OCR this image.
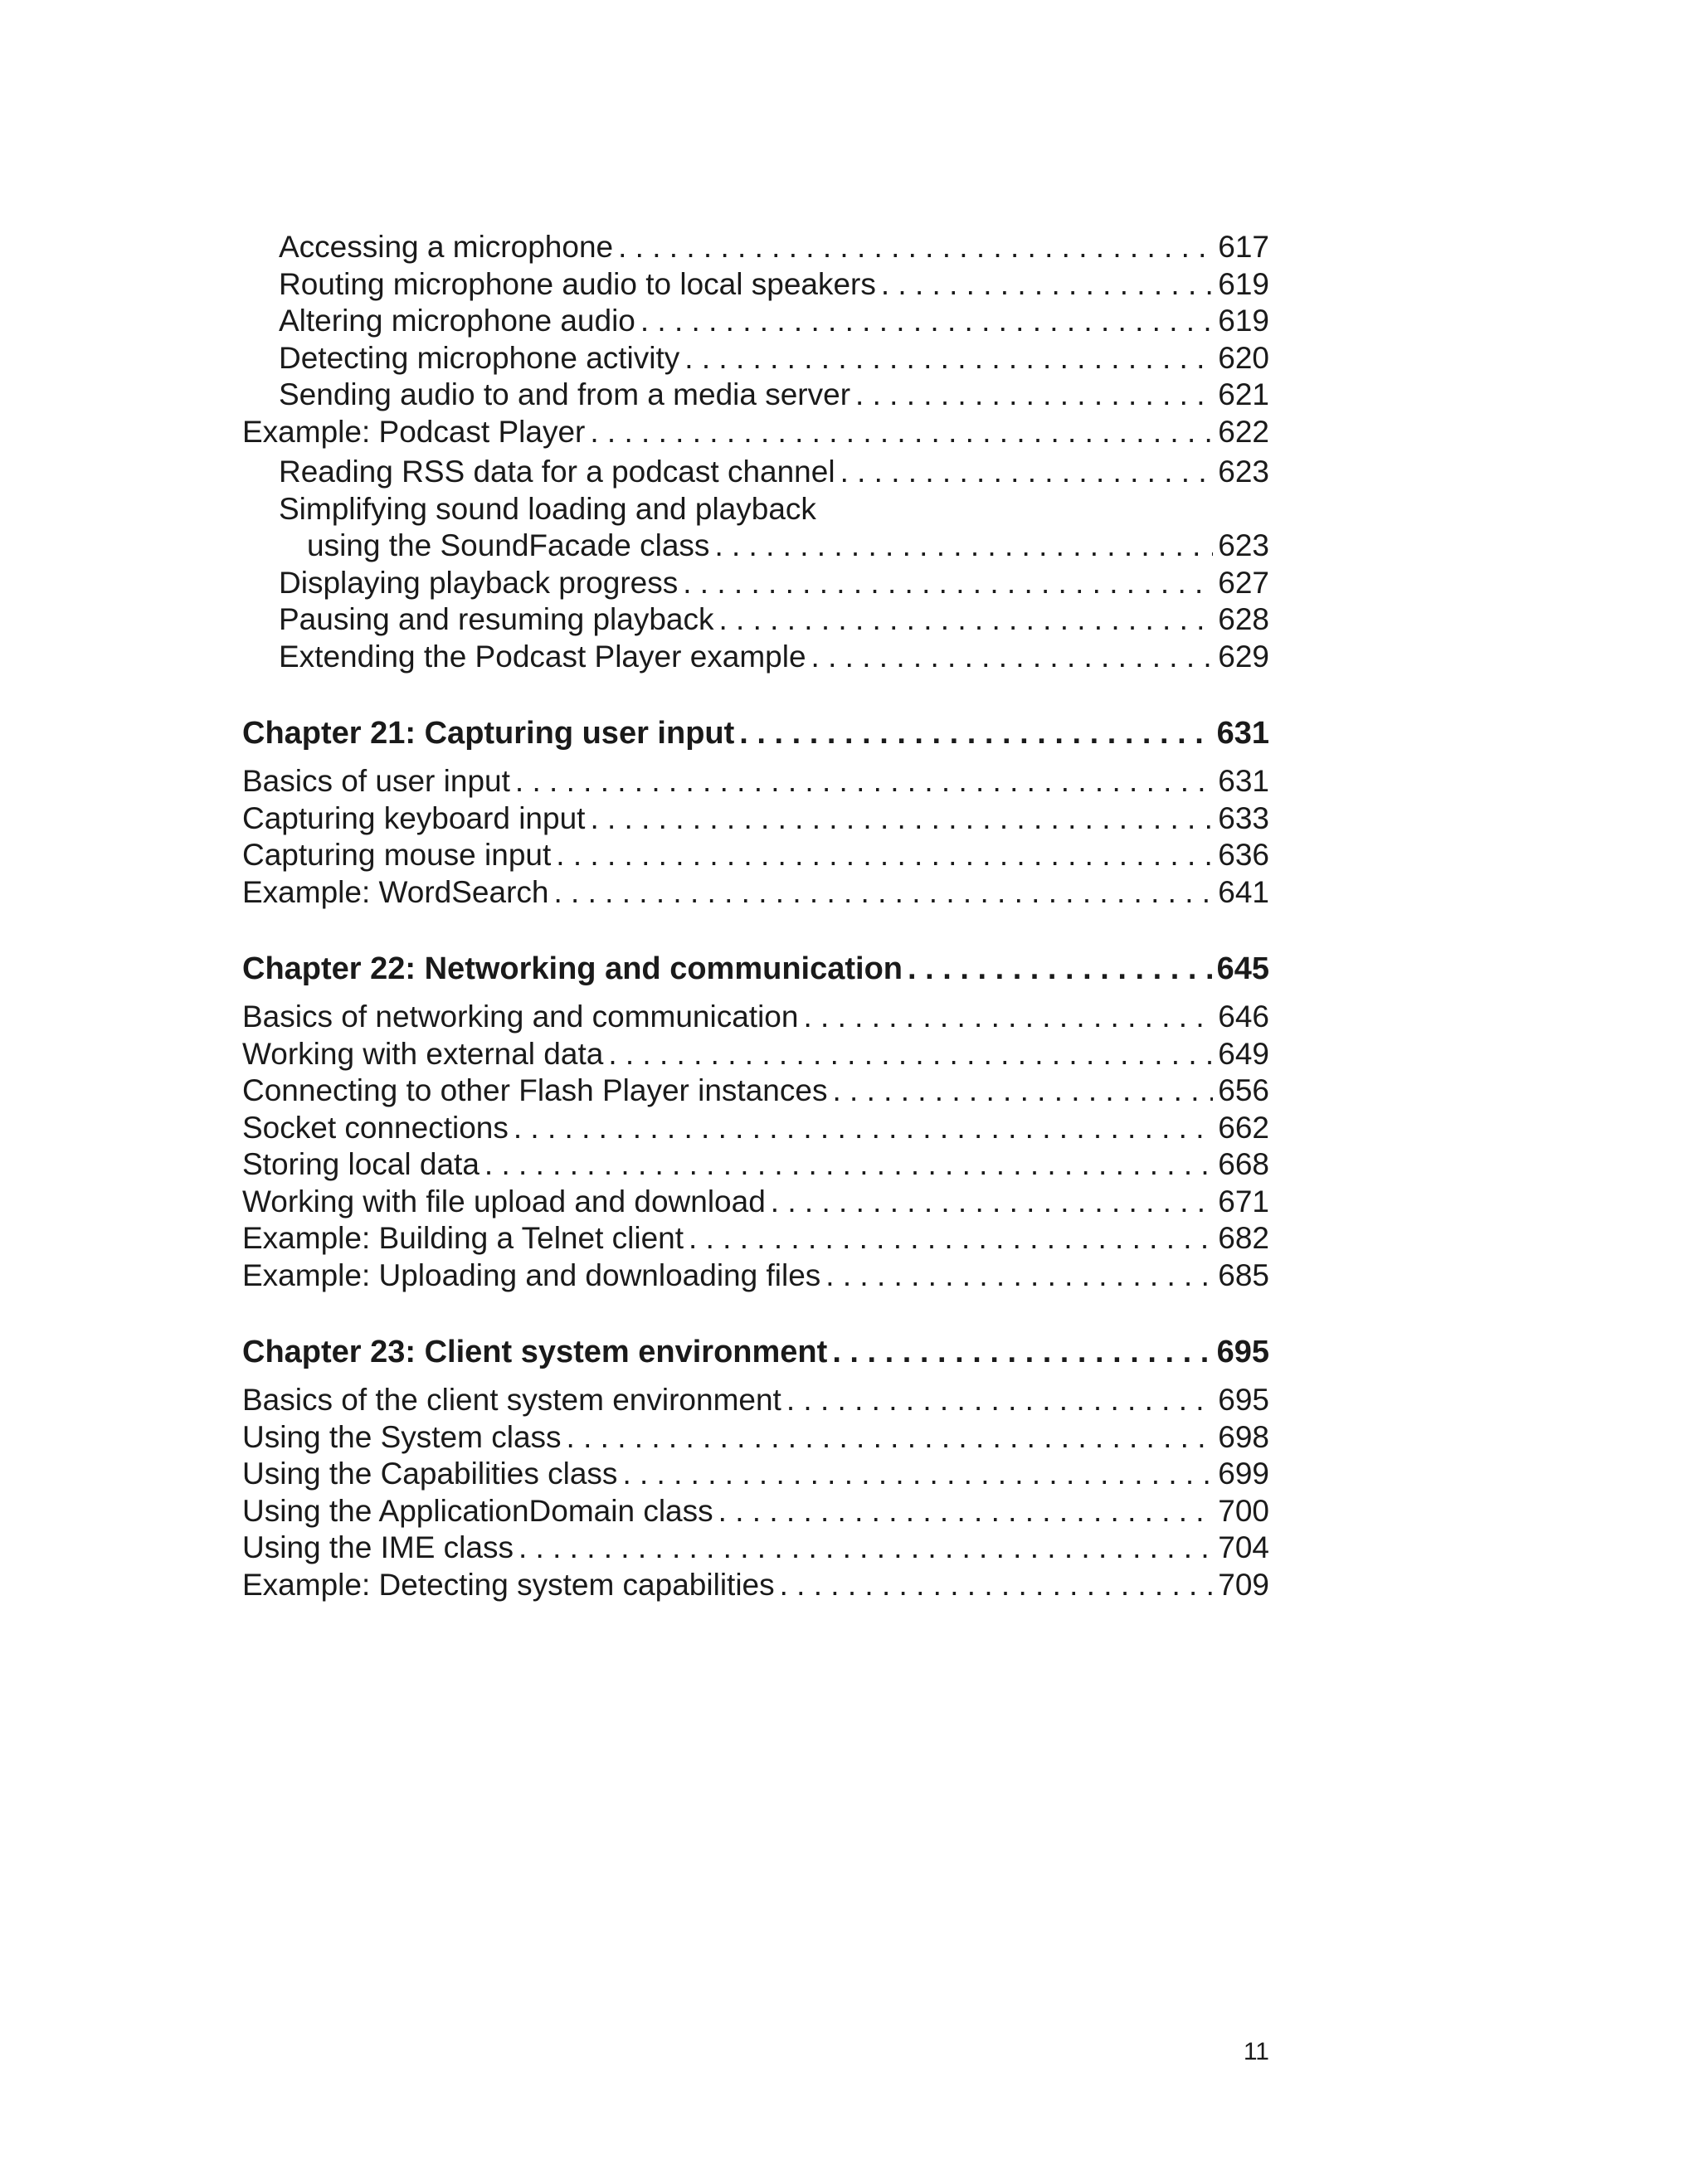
Accessing a microphone . . .	617
Routing microphone audio to local speakers . . .	619
Altering microphone audio . . .	619
Detecting microphone activity . . .	620
Sending audio to and from a media server . . .	621
Example: Podcast Player . . .	622
Reading RSS data for a podcast channel . . .	623
Simplifying sound loading and playback
using the SoundFacade class . . .	623
Displaying playback progress . . .	627
Pausing and resuming playback . . .	628
Extending the Podcast Player example . . .	629
Chapter 21: Capturing user input . . .	631
Basics of user input . . .	631
Capturing keyboard input . . .	633
Capturing mouse input . . .	636
Example: WordSearch . . .	641
Chapter 22: Networking and communication . . .	645
Basics of networking and communication . . .	646
Working with external data . . .	649
Connecting to other Flash Player instances . . .	656
Socket connections . . .	662
Storing local data . . .	668
Working with file upload and download . . .	671
Example: Building a Telnet client . . .	682
Example: Uploading and downloading files . . .	685
Chapter 23: Client system environment . . .	695
Basics of the client system environment . . .	695
Using the System class . . .	698
Using the Capabilities class . . .	699
Using the ApplicationDomain class . . .	700
Using the IME class . . .	704
Example: Detecting system capabilities . . .	709
11
